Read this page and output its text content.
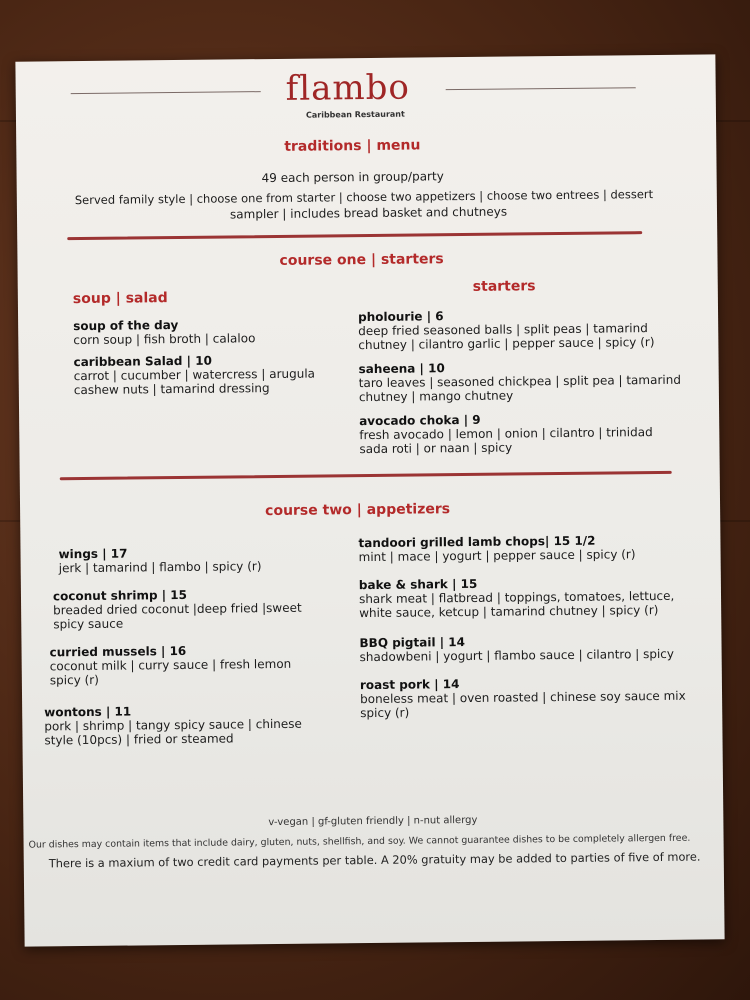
flambo
Caribbean Restaurant
traditions | menu
49 each person in group/party
Served family style | choose one from starter | choose two appetizers | choose two entrees | dessert
sampler | includes bread basket and chutneys
course one | starters
soup | salad
starters
soup of the day
corn soup | fish broth | calaloo
caribbean Salad | 10
carrot | cucumber | watercress | arugula
cashew nuts | tamarind dressing
pholourie | 6
deep fried seasoned balls | split peas | tamarind
chutney | cilantro garlic | pepper sauce | spicy (r)
saheena | 10
taro leaves | seasoned chickpea | split pea | tamarind
chutney | mango chutney
avocado choka | 9
fresh avocado | lemon | onion | cilantro | trinidad
sada roti | or naan | spicy
course two | appetizers
wings | 17
jerk | tamarind | flambo | spicy (r)
coconut shrimp | 15
breaded dried coconut |deep fried |sweet
spicy sauce
curried mussels | 16
coconut milk | curry sauce | fresh lemon
spicy (r)
wontons | 11
pork | shrimp | tangy spicy sauce | chinese
style (10pcs) | fried or steamed
tandoori grilled lamb chops| 15 1/2
mint | mace | yogurt | pepper sauce | spicy (r)
bake & shark | 15
shark meat | flatbread | toppings, tomatoes, lettuce,
white sauce, ketcup | tamarind chutney | spicy (r)
BBQ pigtail | 14
shadowbeni | yogurt | flambo sauce | cilantro | spicy
roast pork | 14
boneless meat | oven roasted | chinese soy sauce mix
spicy (r)
v-vegan | gf-gluten friendly | n-nut allergy
Our dishes may contain items that include dairy, gluten, nuts, shellfish, and soy. We cannot guarantee dishes to be completely allergen free.
There is a maxium of two credit card payments per table. A 20% gratuity may be added to parties of five of more.
